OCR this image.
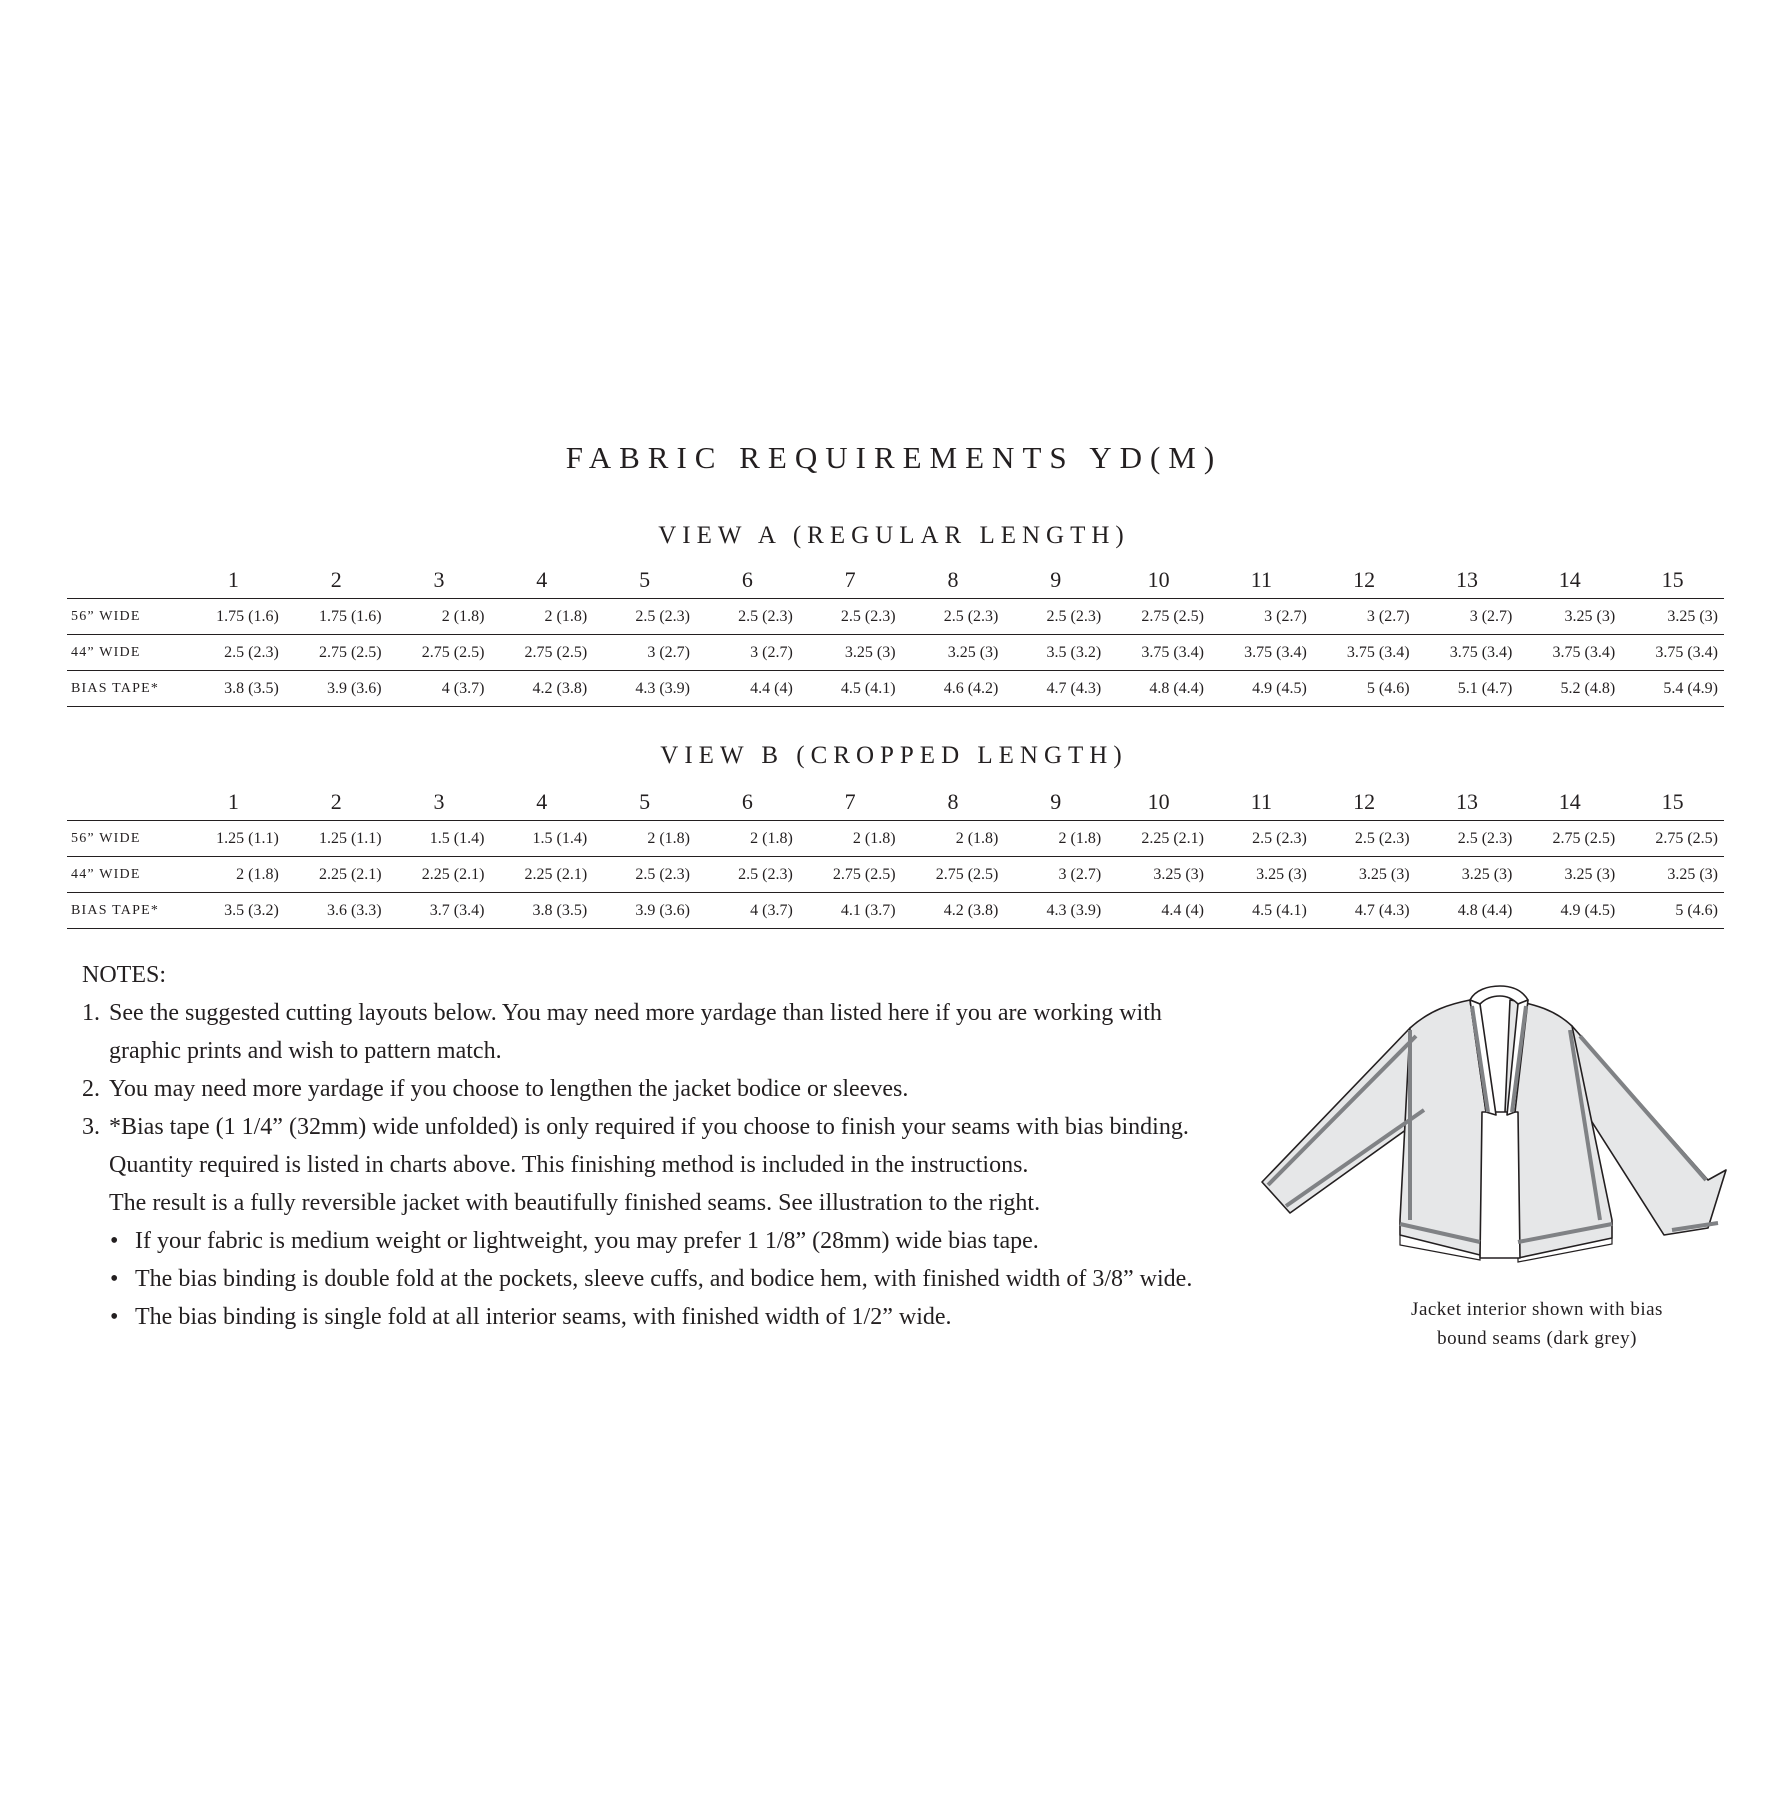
FABRIC REQUIREMENTS YD(M)
VIEW A (REGULAR LENGTH)
	1	2	3	4	5	6	7	8	9	10	11	12	13	14	15
56” WIDE	1.75 (1.6)	1.75 (1.6)	2 (1.8)	2 (1.8)	2.5 (2.3)	2.5 (2.3)	2.5 (2.3)	2.5 (2.3)	2.5 (2.3)	2.75 (2.5)	3 (2.7)	3 (2.7)	3 (2.7)	3.25 (3)	3.25 (3)
44” WIDE	2.5 (2.3)	2.75 (2.5)	2.75 (2.5)	2.75 (2.5)	3 (2.7)	3 (2.7)	3.25 (3)	3.25 (3)	3.5 (3.2)	3.75 (3.4)	3.75 (3.4)	3.75 (3.4)	3.75 (3.4)	3.75 (3.4)	3.75 (3.4)
BIAS TAPE*	3.8 (3.5)	3.9 (3.6)	4 (3.7)	4.2 (3.8)	4.3 (3.9)	4.4 (4)	4.5 (4.1)	4.6 (4.2)	4.7 (4.3)	4.8 (4.4)	4.9 (4.5)	5 (4.6)	5.1 (4.7)	5.2 (4.8)	5.4 (4.9)
VIEW B (CROPPED LENGTH)
	1	2	3	4	5	6	7	8	9	10	11	12	13	14	15
56” WIDE	1.25 (1.1)	1.25 (1.1)	1.5 (1.4)	1.5 (1.4)	2 (1.8)	2 (1.8)	2 (1.8)	2 (1.8)	2 (1.8)	2.25 (2.1)	2.5 (2.3)	2.5 (2.3)	2.5 (2.3)	2.75 (2.5)	2.75 (2.5)
44” WIDE	2 (1.8)	2.25 (2.1)	2.25 (2.1)	2.25 (2.1)	2.5 (2.3)	2.5 (2.3)	2.75 (2.5)	2.75 (2.5)	3 (2.7)	3.25 (3)	3.25 (3)	3.25 (3)	3.25 (3)	3.25 (3)	3.25 (3)
BIAS TAPE*	3.5 (3.2)	3.6 (3.3)	3.7 (3.4)	3.8 (3.5)	3.9 (3.6)	4 (3.7)	4.1 (3.7)	4.2 (3.8)	4.3 (3.9)	4.4 (4)	4.5 (4.1)	4.7 (4.3)	4.8 (4.4)	4.9 (4.5)	5 (4.6)
NOTES:
1. See the suggested cutting layouts below. You may need more yardage than listed here if you are working with
graphic prints and wish to pattern match.
2. You may need more yardage if you choose to lengthen the jacket bodice or sleeves.
3. *Bias tape (1 1/4” (32mm) wide unfolded) is only required if you choose to finish your seams with bias binding.
Quantity required is listed in charts above. This finishing method is included in the instructions.
The result is a fully reversible jacket with beautifully finished seams. See illustration to the right.
• If your fabric is medium weight or lightweight, you may prefer 1 1/8” (28mm) wide bias tape.
• The bias binding is double fold at the pockets, sleeve cuffs, and bodice hem, with finished width of 3/8” wide.
• The bias binding is single fold at all interior seams, with finished width of 1/2” wide.	Jacket interior shown with bias
bound seams (dark grey)
